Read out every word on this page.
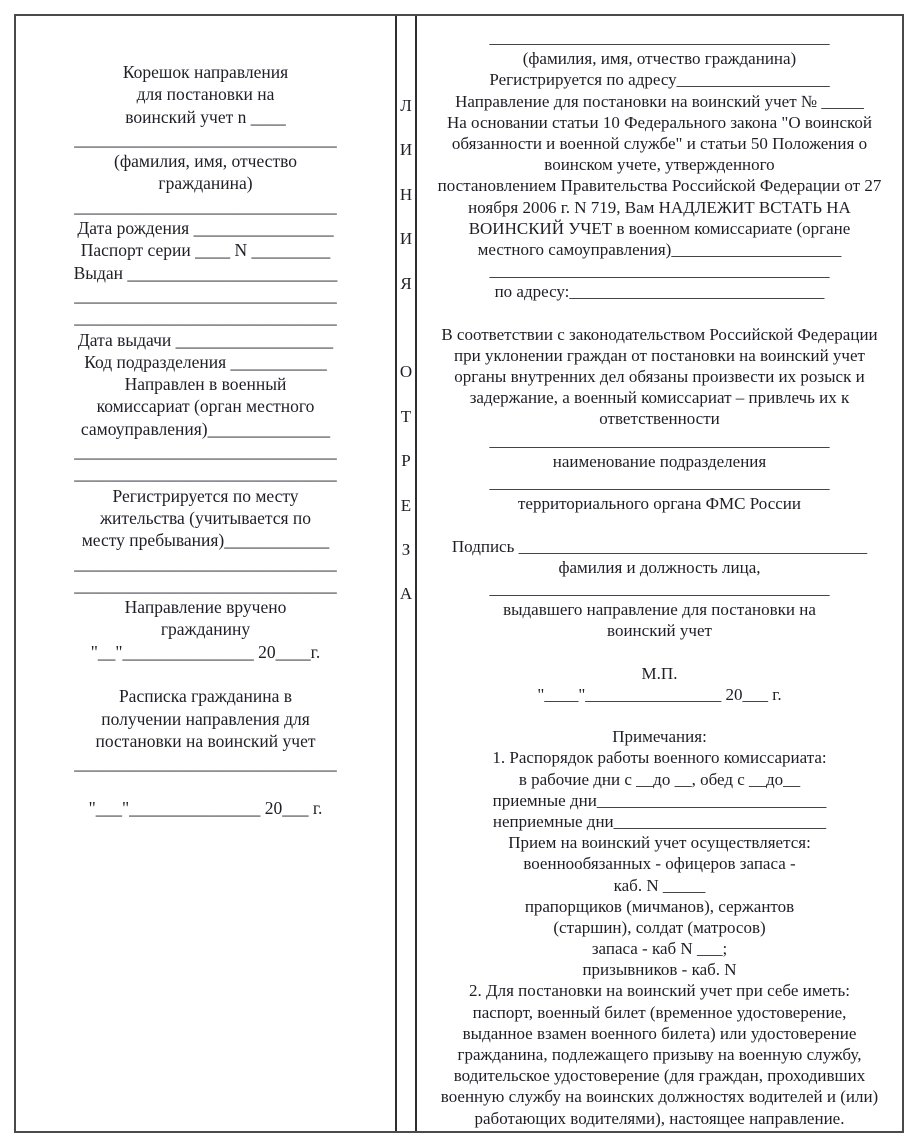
Корешок направления
для постановки на
воинский учет n ____
______________________________
(фамилия, имя, отчество
гражданина)
______________________________
Дата рождения ________________
Паспорт серии ____ N _________
Выдан ________________________
______________________________
______________________________
Дата выдачи __________________
Код подразделения ___________
Направлен в военный
комиссариат (орган местного
самоуправления)______________
______________________________
______________________________
Регистрируется по месту
жительства (учитывается по
месту пребывания)____________
______________________________
______________________________
Направление вручено
гражданину
"__"_______________ 20____г.
Расписка гражданина в
получении направления для
постановки на воинский учет
______________________________
"___"_______________ 20___ г.
Л
И
Н
И
Я
О
Т
Р
Е
З
А
________________________________________
(фамилия, имя, отчество гражданина)
Регистрируется по адресу__________________
Направление для постановки на воинский учет № _____
На основании статьи 10 Федерального закона "О воинской
обязанности и военной службе" и статьи 50 Положения о
воинском учете, утвержденного
постановлением Правительства Российской Федерации от 27
ноября 2006 г. N 719, Вам НАДЛЕЖИТ ВСТАТЬ НА
ВОИНСКИЙ УЧЕТ в военном комиссариате (органе
местного самоуправления)____________________
________________________________________
по адресу:______________________________
В соответствии с законодательством Российской Федерации
при уклонении граждан от постановки на воинский учет
органы внутренних дел обязаны произвести их розыск и
задержание, а военный комиссариат – привлечь их к
ответственности
________________________________________
наименование подразделения
________________________________________
территориального органа ФМС России
Подпись _________________________________________
фамилия и должность лица,
________________________________________
выдавшего направление для постановки на
воинский учет
М.П.
"____"________________ 20___ г.
Примечания:
1. Распорядок работы военного комиссариата:
в рабочие дни с __до __, обед с __до__
приемные дни___________________________
неприемные дни_________________________
Прием на воинский учет осуществляется:
военнообязанных - офицеров запаса -
каб. N _____
прапорщиков (мичманов), сержантов
(старшин), солдат (матросов)
запаса - каб N ___;
призывников - каб. N
2. Для постановки на воинский учет при себе иметь:
паспорт, военный билет (временное удостоверение,
выданное взамен военного билета) или удостоверение
гражданина, подлежащего призыву на военную службу,
водительское удостоверение (для граждан, проходивших
военную службу на воинских должностях водителей и (или)
работающих водителями), настоящее направление.
